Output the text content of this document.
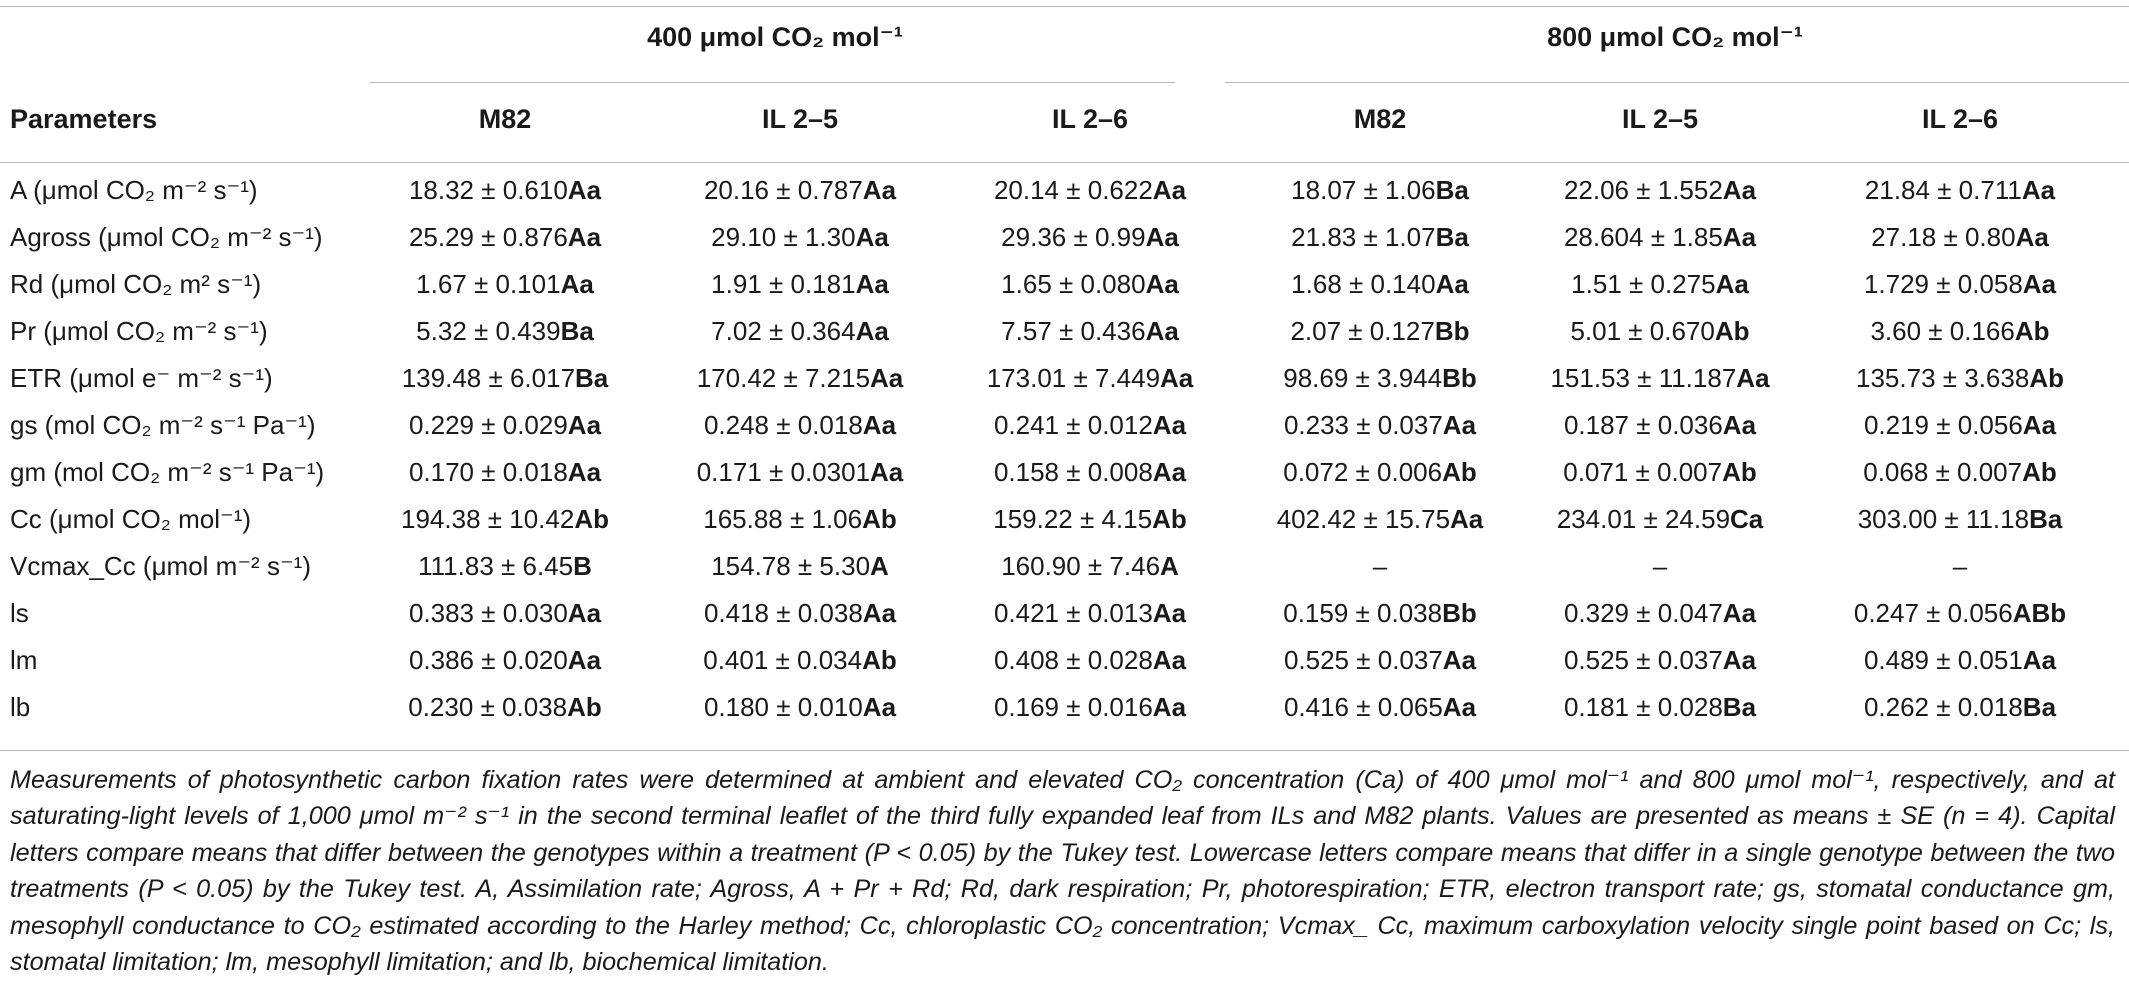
400 μmol CO₂ mol⁻¹	800 μmol CO₂ mol⁻¹
Parameters	M82	IL 2–5	IL 2–6	M82	IL 2–5	IL 2–6
A (μmol CO₂ m⁻² s⁻¹)	18.32 ± 0.610Aa	20.16 ± 0.787Aa	20.14 ± 0.622Aa	18.07 ± 1.06Ba	22.06 ± 1.552Aa	21.84 ± 0.711Aa
Agross (μmol CO₂ m⁻² s⁻¹)	25.29 ± 0.876Aa	29.10 ± 1.30Aa	29.36 ± 0.99Aa	21.83 ± 1.07Ba	28.604 ± 1.85Aa	27.18 ± 0.80Aa
Rd (μmol CO₂ m² s⁻¹)	1.67 ± 0.101Aa	1.91 ± 0.181Aa	1.65 ± 0.080Aa	1.68 ± 0.140Aa	1.51 ± 0.275Aa	1.729 ± 0.058Aa
Pr (μmol CO₂ m⁻² s⁻¹)	5.32 ± 0.439Ba	7.02 ± 0.364Aa	7.57 ± 0.436Aa	2.07 ± 0.127Bb	5.01 ± 0.670Ab	3.60 ± 0.166Ab
ETR (μmol e⁻ m⁻² s⁻¹)	139.48 ± 6.017Ba	170.42 ± 7.215Aa	173.01 ± 7.449Aa	98.69 ± 3.944Bb	151.53 ± 11.187Aa	135.73 ± 3.638Ab
gs (mol CO₂ m⁻² s⁻¹ Pa⁻¹)	0.229 ± 0.029Aa	0.248 ± 0.018Aa	0.241 ± 0.012Aa	0.233 ± 0.037Aa	0.187 ± 0.036Aa	0.219 ± 0.056Aa
gm (mol CO₂ m⁻² s⁻¹ Pa⁻¹)	0.170 ± 0.018Aa	0.171 ± 0.0301Aa	0.158 ± 0.008Aa	0.072 ± 0.006Ab	0.071 ± 0.007Ab	0.068 ± 0.007Ab
Cc (μmol CO₂ mol⁻¹)	194.38 ± 10.42Ab	165.88 ± 1.06Ab	159.22 ± 4.15Ab	402.42 ± 15.75Aa	234.01 ± 24.59Ca	303.00 ± 11.18Ba
Vcmax_Cc (μmol m⁻² s⁻¹)	111.83 ± 6.45B	154.78 ± 5.30A	160.90 ± 7.46A	–	–	–
ls	0.383 ± 0.030Aa	0.418 ± 0.038Aa	0.421 ± 0.013Aa	0.159 ± 0.038Bb	0.329 ± 0.047Aa	0.247 ± 0.056ABb
lm	0.386 ± 0.020Aa	0.401 ± 0.034Ab	0.408 ± 0.028Aa	0.525 ± 0.037Aa	0.525 ± 0.037Aa	0.489 ± 0.051Aa
lb	0.230 ± 0.038Ab	0.180 ± 0.010Aa	0.169 ± 0.016Aa	0.416 ± 0.065Aa	0.181 ± 0.028Ba	0.262 ± 0.018Ba
Measurements of photosynthetic carbon fixation rates were determined at ambient and elevated CO₂ concentration (Ca) of 400 μmol mol⁻¹ and 800 μmol mol⁻¹, respectively, and at saturating-light levels of 1,000 μmol m⁻² s⁻¹ in the second terminal leaflet of the third fully expanded leaf from ILs and M82 plants. Values are presented as means ± SE (n = 4). Capital letters compare means that differ between the genotypes within a treatment (P < 0.05) by the Tukey test. Lowercase letters compare means that differ in a single genotype between the two treatments (P < 0.05) by the Tukey test. A, Assimilation rate; Agross, A + Pr + Rd; Rd, dark respiration; Pr, photorespiration; ETR, electron transport rate; gs, stomatal conductance gm, mesophyll conductance to CO₂ estimated according to the Harley method; Cc, chloroplastic CO₂ concentration; Vcmax_ Cc, maximum carboxylation velocity single point based on Cc; ls, stomatal limitation; lm, mesophyll limitation; and lb, biochemical limitation.
